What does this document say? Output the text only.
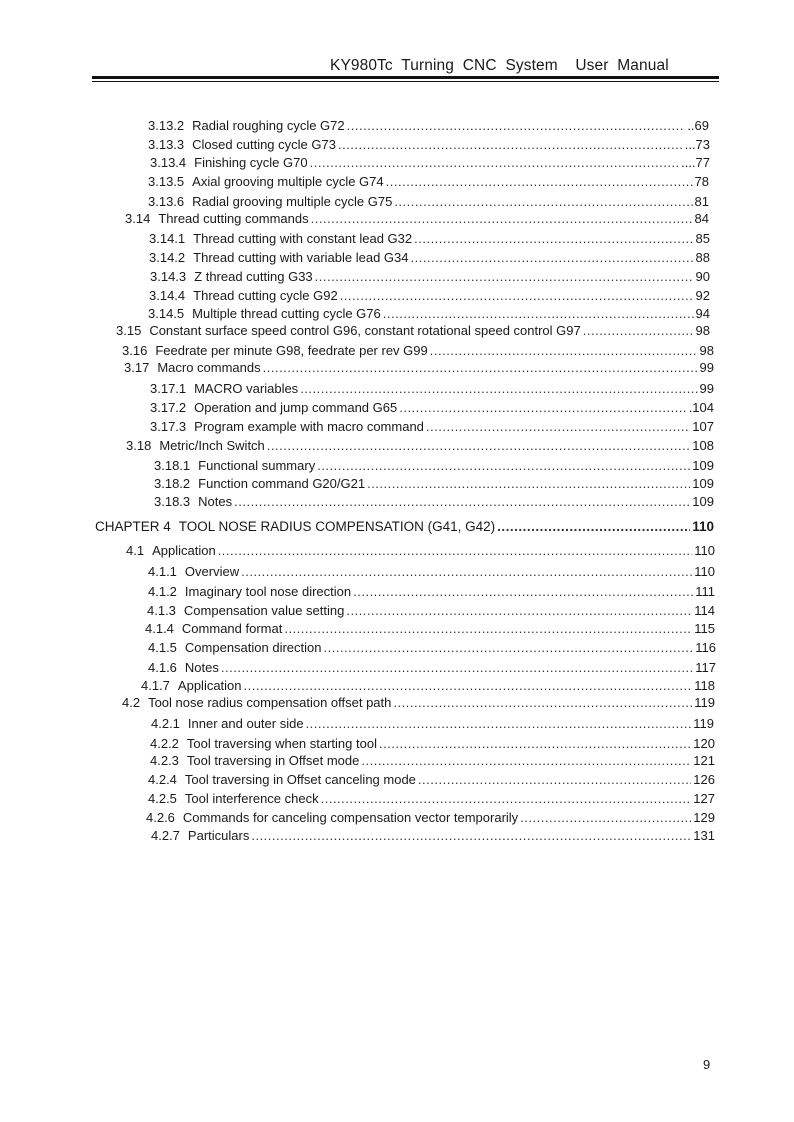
KY980Tc  Turning  CNC  System    User  Manual
3.13.2 Radial roughing cycle G72 .....	..69
3.13.3 Closed cutting cycle G73 .....	...73
3.13.4 Finishing cycle G70 .....	....77
3.13.5 Axial grooving multiple cycle G74 .....	78
3.13.6 Radial grooving multiple cycle G75 .....	81
3.14 Thread cutting commands .....	84
3.14.1 Thread cutting with constant lead G32 .....	85
3.14.2 Thread cutting with variable lead G34 .....	88
3.14.3 Z thread cutting G33 .....	90
3.14.4 Thread cutting cycle G92 .....	92
3.14.5 Multiple thread cutting cycle G76 .....	94
3.15 Constant surface speed control G96, constant rotational speed control G97 .....	98
3.16 Feedrate per minute G98, feedrate per rev G99 .....	98
3.17 Macro commands .....	99
3.17.1 MACRO variables .....	99
3.17.2 Operation and jump command G65 .....	.104
3.17.3 Program example with macro command .....	107
3.18 Metric/Inch Switch .....	108
3.18.1 Functional summary .....	109
3.18.2 Function command G20/G21 .....	109
3.18.3 Notes .....	109
CHAPTER 4 TOOL NOSE RADIUS COMPENSATION (G41, G42) .....	110
4.1 Application .....	110
4.1.1 Overview .....	110
4.1.2 Imaginary tool nose direction .....	111
4.1.3 Compensation value setting .....	114
4.1.4 Command format .....	115
4.1.5 Compensation direction .....	116
4.1.6 Notes .....	117
4.1.7 Application .....	118
4.2 Tool nose radius compensation offset path .....	119
4.2.1 Inner and outer side .....	119
4.2.2 Tool traversing when starting tool .....	120
4.2.3 Tool traversing in Offset mode .....	121
4.2.4 Tool traversing in Offset canceling mode .....	126
4.2.5 Tool interference check .....	127
4.2.6 Commands for canceling compensation vector temporarily .....	129
4.2.7 Particulars .....	131
9
